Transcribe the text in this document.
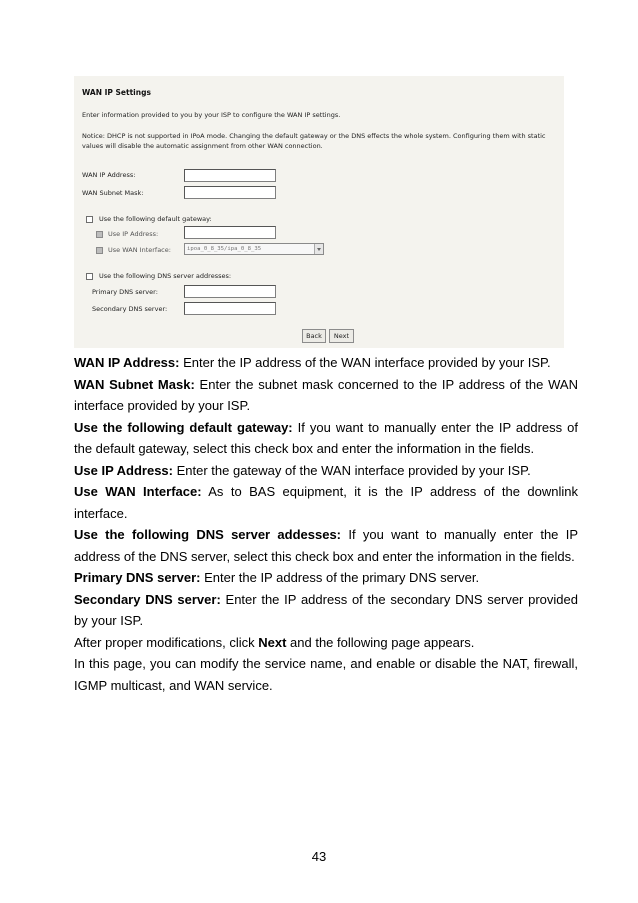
WAN IP Settings
Enter information provided to you by your ISP to configure the WAN IP settings.
Notice: DHCP is not supported in IPoA mode. Changing the default gateway or the DNS effects the whole system. Configuring them with static values will disable the automatic assignment from other WAN connection.
WAN IP Address:
WAN Subnet Mask:
Use the following default gateway:
Use IP Address:
Use WAN Interface:	ipoa_0_8_35/ipa_0_8_35
Use the following DNS server addresses:
Primary DNS server:
Secondary DNS server:
Back	Next

WAN IP Address: Enter the IP address of the WAN interface provided by your ISP.

WAN Subnet Mask: Enter the subnet mask concerned to the IP address of the WAN interface provided by your ISP.

Use the following default gateway: If you want to manually enter the IP address of the default gateway, select this check box and enter the information in the fields.

Use IP Address: Enter the gateway of the WAN interface provided by your ISP.

Use WAN Interface: As to BAS equipment, it is the IP address of the downlink interface.

Use the following DNS server addesses: If you want to manually enter the IP address of the DNS server, select this check box and enter the information in the fields.

Primary DNS server: Enter the IP address of the primary DNS server.

Secondary DNS server: Enter the IP address of the secondary DNS server provided by your ISP.

After proper modifications, click Next and the following page appears.

In this page, you can modify the service name, and enable or disable the NAT, firewall, IGMP multicast, and WAN service.

43
